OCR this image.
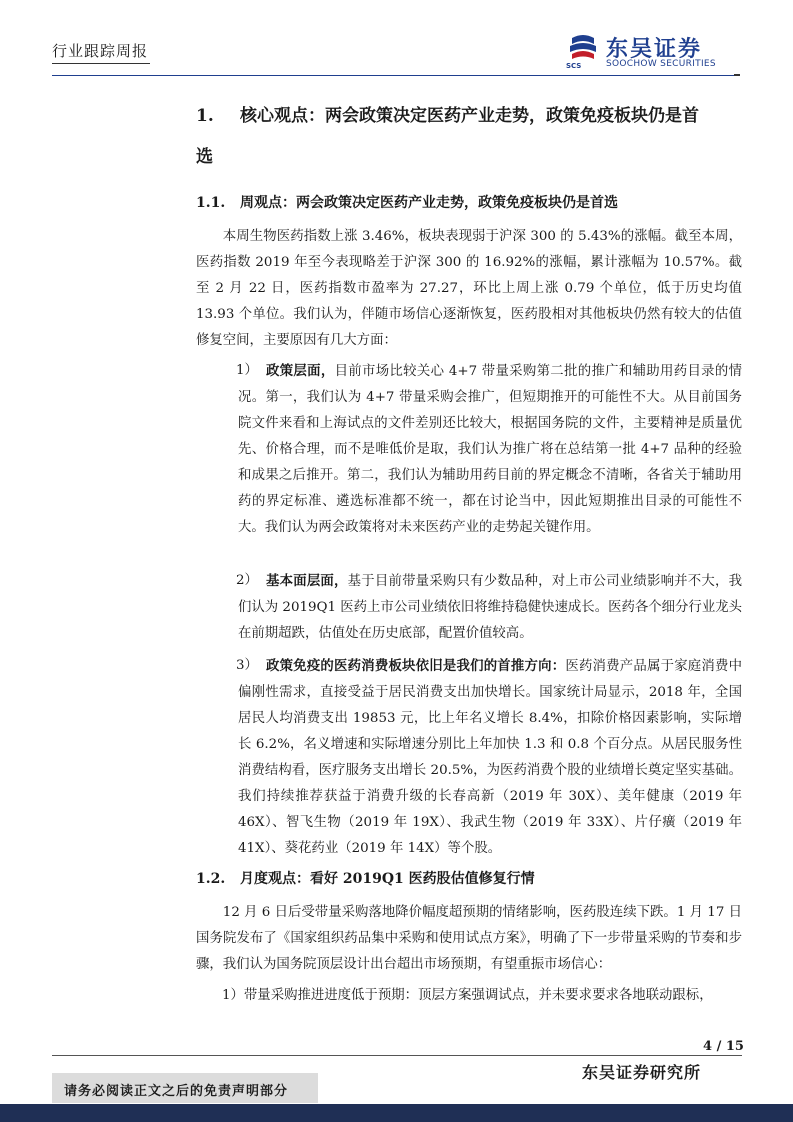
行业跟踪周报
SCS
东吴证券
SOOCHOW SECURITIES
1. 核心观点：两会政策决定医药产业走势，政策免疫板块仍是首
选
1.1. 周观点：两会政策决定医药产业走势，政策免疫板块仍是首选
本周生物医药指数上涨 3.46%，板块表现弱于沪深 300 的 5.43%的涨幅。截至本周，医药指数 2019 年至今表现略差于沪深 300 的 16.92%的涨幅，累计涨幅为 10.57%。截至 2 月 22 日，医药指数市盈率为 27.27，环比上周上涨 0.79 个单位，低于历史均值 13.93 个单位。我们认为，伴随市场信心逐渐恢复，医药股相对其他板块仍然有较大的估值修复空间，主要原因有几大方面：
1） 政策层面，目前市场比较关心 4+7 带量采购第二批的推广和辅助用药目录的情况。第一，我们认为 4+7 带量采购会推广，但短期推开的可能性不大。从目前国务院文件来看和上海试点的文件差别还比较大，根据国务院的文件，主要精神是质量优先、价格合理，而不是唯低价是取，我们认为推广将在总结第一批 4+7 品种的经验和成果之后推开。第二，我们认为辅助用药目前的界定概念不清晰，各省关于辅助用药的界定标准、遴选标准都不统一，都在讨论当中，因此短期推出目录的可能性不大。我们认为两会政策将对未来医药产业的走势起关键作用。
2） 基本面层面，基于目前带量采购只有少数品种，对上市公司业绩影响并不大，我们认为 2019Q1 医药上市公司业绩依旧将维持稳健快速成长。医药各个细分行业龙头在前期超跌，估值处在历史底部，配置价值较高。
3） 政策免疫的医药消费板块依旧是我们的首推方向：医药消费产品属于家庭消费中偏刚性需求，直接受益于居民消费支出加快增长。国家统计局显示，2018 年，全国居民人均消费支出 19853 元，比上年名义增长 8.4%，扣除价格因素影响，实际增长 6.2%，名义增速和实际增速分别比上年加快 1.3 和 0.8 个百分点。从居民服务性消费结构看，医疗服务支出增长 20.5%，为医药消费个股的业绩增长奠定坚实基础。我们持续推荐获益于消费升级的长春高新（2019 年 30X）、美年健康（2019 年 46X）、智飞生物（2019 年 19X）、我武生物（2019 年 33X）、片仔癀（2019 年 41X）、葵花药业（2019 年 14X）等个股。
1.2. 月度观点：看好 2019Q1 医药股估值修复行情
12 月 6 日后受带量采购落地降价幅度超预期的情绪影响，医药股连续下跌。1 月 17 日国务院发布了《国家组织药品集中采购和使用试点方案》，明确了下一步带量采购的节奏和步骤，我们认为国务院顶层设计出台超出市场预期，有望重振市场信心：
1）带量采购推进进度低于预期：顶层方案强调试点，并未要求要求各地联动跟标，
4 / 15
东吴证券研究所
请务必阅读正文之后的免责声明部分
